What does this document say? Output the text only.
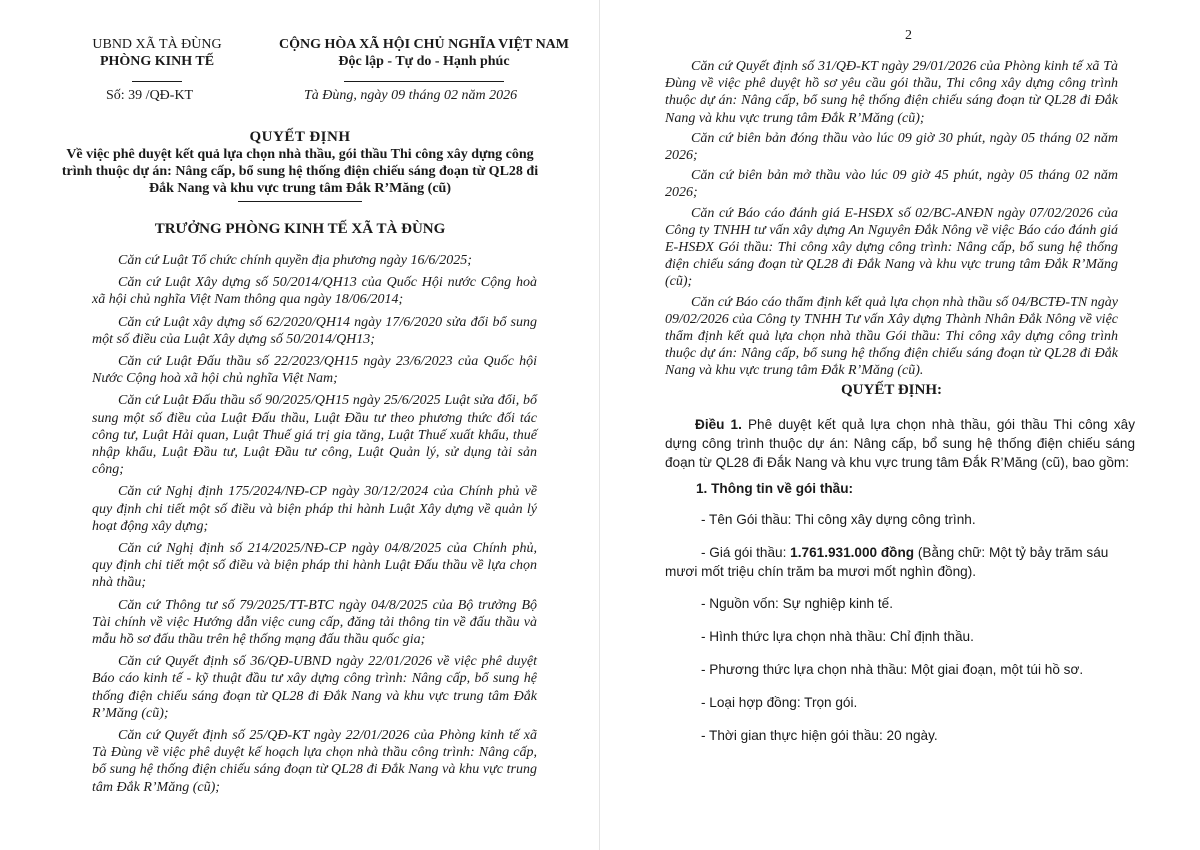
UBND XÃ TÀ ĐÙNG
PHÒNG KINH TẾ
CỘNG HÒA XÃ HỘI CHỦ NGHĨA VIỆT NAM
Độc lập - Tự do - Hạnh phúc
Số: 39 /QĐ-KT	Tà Đùng, ngày 09 tháng 02 năm 2026
QUYẾT ĐỊNH
Về việc phê duyệt kết quả lựa chọn nhà thầu, gói thầu Thi công xây dựng công
trình thuộc dự án: Nâng cấp, bổ sung hệ thống điện chiếu sáng đoạn từ QL28 đi
Đắk Nang và khu vực trung tâm Đắk R’Măng (cũ)
TRƯỞNG PHÒNG KINH TẾ XÃ TÀ ĐÙNG

Căn cứ Luật Tổ chức chính quyền địa phương ngày 16/6/2025;

Căn cứ Luật Xây dựng số 50/2014/QH13 của Quốc Hội nước Cộng hoà xã hội chủ nghĩa Việt Nam thông qua ngày 18/06/2014;

Căn cứ Luật xây dựng số 62/2020/QH14 ngày 17/6/2020 sửa đổi bổ sung một số điều của Luật Xây dựng số 50/2014/QH13;

Căn cứ Luật Đấu thầu số 22/2023/QH15 ngày 23/6/2023 của Quốc hội Nước Cộng hoà xã hội chủ nghĩa Việt Nam;

Căn cứ Luật Đấu thầu số 90/2025/QH15 ngày 25/6/2025 Luật sửa đổi, bổ sung một số điều của Luật Đấu thầu, Luật Đầu tư theo phương thức đối tác công tư, Luật Hải quan, Luật Thuế giá trị gia tăng, Luật Thuế xuất khẩu, thuế nhập khẩu, Luật Đầu tư, Luật Đầu tư công, Luật Quản lý, sử dụng tài sản công;

Căn cứ Nghị định 175/2024/NĐ-CP ngày 30/12/2024 của Chính phủ về quy định chi tiết một số điều và biện pháp thi hành Luật Xây dựng về quản lý hoạt động xây dựng;

Căn cứ Nghị định số 214/2025/NĐ-CP ngày 04/8/2025 của Chính phủ, quy định chi tiết một số điều và biện pháp thi hành Luật Đấu thầu về lựa chọn nhà thầu;

Căn cứ Thông tư số 79/2025/TT-BTC ngày 04/8/2025 của Bộ trưởng Bộ Tài chính về việc Hướng dẫn việc cung cấp, đăng tải thông tin về đấu thầu và mẫu hồ sơ đấu thầu trên hệ thống mạng đấu thầu quốc gia;

Căn cứ Quyết định số 36/QĐ-UBND ngày 22/01/2026 về việc phê duyệt Báo cáo kinh tế - kỹ thuật đầu tư xây dựng công trình: Nâng cấp, bổ sung hệ thống điện chiếu sáng đoạn từ QL28 đi Đắk Nang và khu vực trung tâm Đắk R’Măng (cũ);

Căn cứ Quyết định số 25/QĐ-KT ngày 22/01/2026 của Phòng kinh tế xã Tà Đùng về việc phê duyệt kế hoạch lựa chọn nhà thầu công trình: Nâng cấp, bổ sung hệ thống điện chiếu sáng đoạn từ QL28 đi Đắk Nang và khu vực trung tâm Đắk R’Măng (cũ);

2

Căn cứ Quyết định số 31/QĐ-KT ngày 29/01/2026 của Phòng kinh tế xã Tà Đùng về việc phê duyệt hồ sơ yêu cầu gói thầu, Thi công xây dựng công trình thuộc dự án: Nâng cấp, bổ sung hệ thống điện chiếu sáng đoạn từ QL28 đi Đắk Nang và khu vực trung tâm Đắk R’Măng (cũ);

Căn cứ biên bản đóng thầu vào lúc 09 giờ 30 phút, ngày 05 tháng 02 năm 2026;

Căn cứ biên bản mở thầu vào lúc 09 giờ 45 phút, ngày 05 tháng 02 năm 2026;

Căn cứ Báo cáo đánh giá E-HSĐX số 02/BC-ANĐN ngày 07/02/2026 của Công ty TNHH tư vấn xây dựng An Nguyên Đắk Nông về việc Báo cáo đánh giá E-HSĐX Gói thầu: Thi công xây dựng công trình: Nâng cấp, bổ sung hệ thống điện chiếu sáng đoạn từ QL28 đi Đắk Nang và khu vực trung tâm Đắk R’Măng (cũ);

Căn cứ Báo cáo thẩm định kết quả lựa chọn nhà thầu số 04/BCTĐ-TN ngày 09/02/2026 của Công ty TNHH Tư vấn Xây dựng Thành Nhân Đắk Nông về việc thẩm định kết quả lựa chọn nhà thầu Gói thầu: Thi công xây dựng công trình thuộc dự án: Nâng cấp, bổ sung hệ thống điện chiếu sáng đoạn từ QL28 đi Đắk Nang và khu vực trung tâm Đắk R’Măng (cũ).

QUYẾT ĐỊNH:

Điều 1. Phê duyệt kết quả lựa chọn nhà thầu, gói thầu Thi công xây dựng công trình thuộc dự án: Nâng cấp, bổ sung hệ thống điện chiếu sáng đoạn từ QL28 đi Đắk Nang và khu vực trung tâm Đắk R’Măng (cũ), bao gồm:

1. Thông tin về gói thầu:

- Tên Gói thầu: Thi công xây dựng công trình.

- Giá gói thầu: 1.761.931.000 đồng (Bằng chữ: Một tỷ bảy trăm sáu mươi mốt triệu chín trăm ba mươi mốt nghìn đồng).

- Nguồn vốn: Sự nghiệp kinh tế.

- Hình thức lựa chọn nhà thầu: Chỉ định thầu.

- Phương thức lựa chọn nhà thầu: Một giai đoạn, một túi hồ sơ.

- Loại hợp đồng: Trọn gói.

- Thời gian thực hiện gói thầu: 20 ngày.
